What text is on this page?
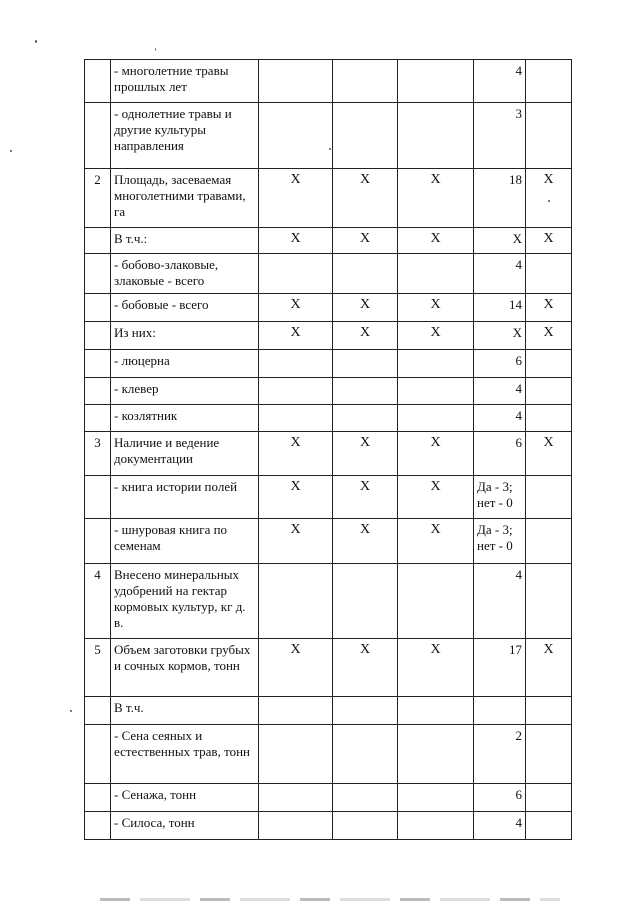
	- многолетние травы прошлых лет				4	
	- однолетние травы и другие культуры направления				3	
2	Площадь, засеваемая многолетними травами, га	X	X	X	18	X
	В т.ч.:	X	X	X	X	X
	- бобово-злаковые, злаковые - всего				4	
	- бобовые - всего	X	X	X	14	X
	Из них:	X	X	X	X	X
	- люцерна				6	
	- клевер				4	
	- козлятник				4	
3	Наличие и ведение документации	X	X	X	6	X
	- книга истории полей	X	X	X	Да - 3; нет - 0	
	- шнуровая книга по семенам	X	X	X	Да - 3; нет - 0	
4	Внесено минеральных удобрений на гектар кормовых культур, кг д. в.				4	
5	Объем заготовки грубых и сочных кормов, тонн	X	X	X	17	X
	В т.ч.					
	- Сена сеяных и естественных трав, тонн				2	
	- Сенажа, тонн				6	
	- Силоса, тонн				4	
